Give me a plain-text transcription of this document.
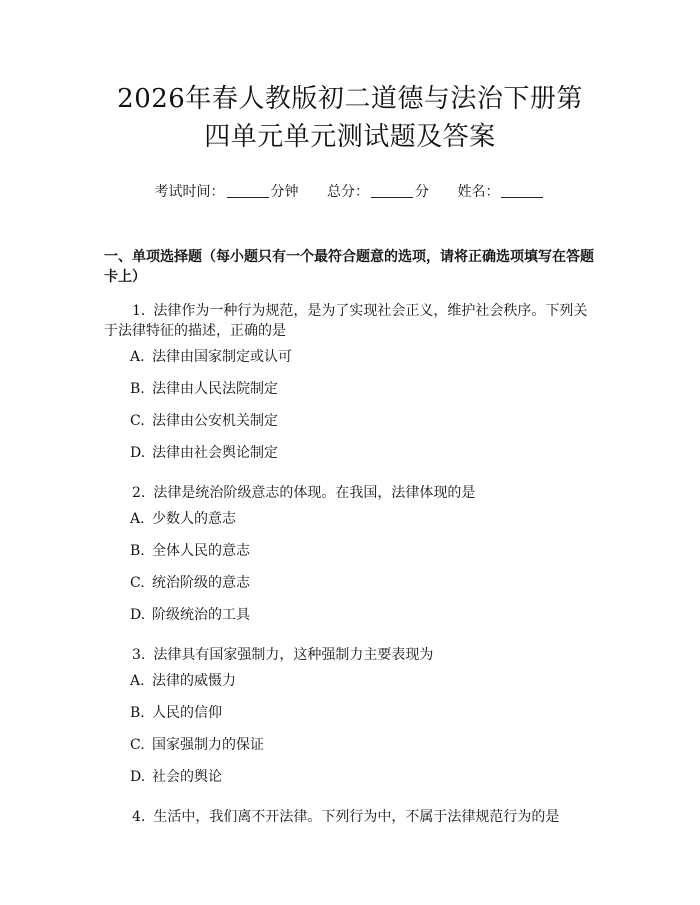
2026年春人教版初二道德与法治下册第四单元单元测试题及答案
考试时间：	分钟 总分：	分 姓名：

一、单项选择题（每小题只有一个最符合题意的选项，请将正确选项填写在答题卡上）

1. 法律作为一种行为规范，是为了实现社会正义，维护社会秩序。下列关于法律特征的描述，正确的是

A. 法律由国家制定或认可

B. 法律由人民法院制定

C. 法律由公安机关制定

D. 法律由社会舆论制定

2. 法律是统治阶级意志的体现。在我国，法律体现的是

A. 少数人的意志

B. 全体人民的意志

C. 统治阶级的意志

D. 阶级统治的工具

3. 法律具有国家强制力，这种强制力主要表现为

A. 法律的威慑力

B. 人民的信仰

C. 国家强制力的保证

D. 社会的舆论

4. 生活中，我们离不开法律。下列行为中，不属于法律规范行为的是
